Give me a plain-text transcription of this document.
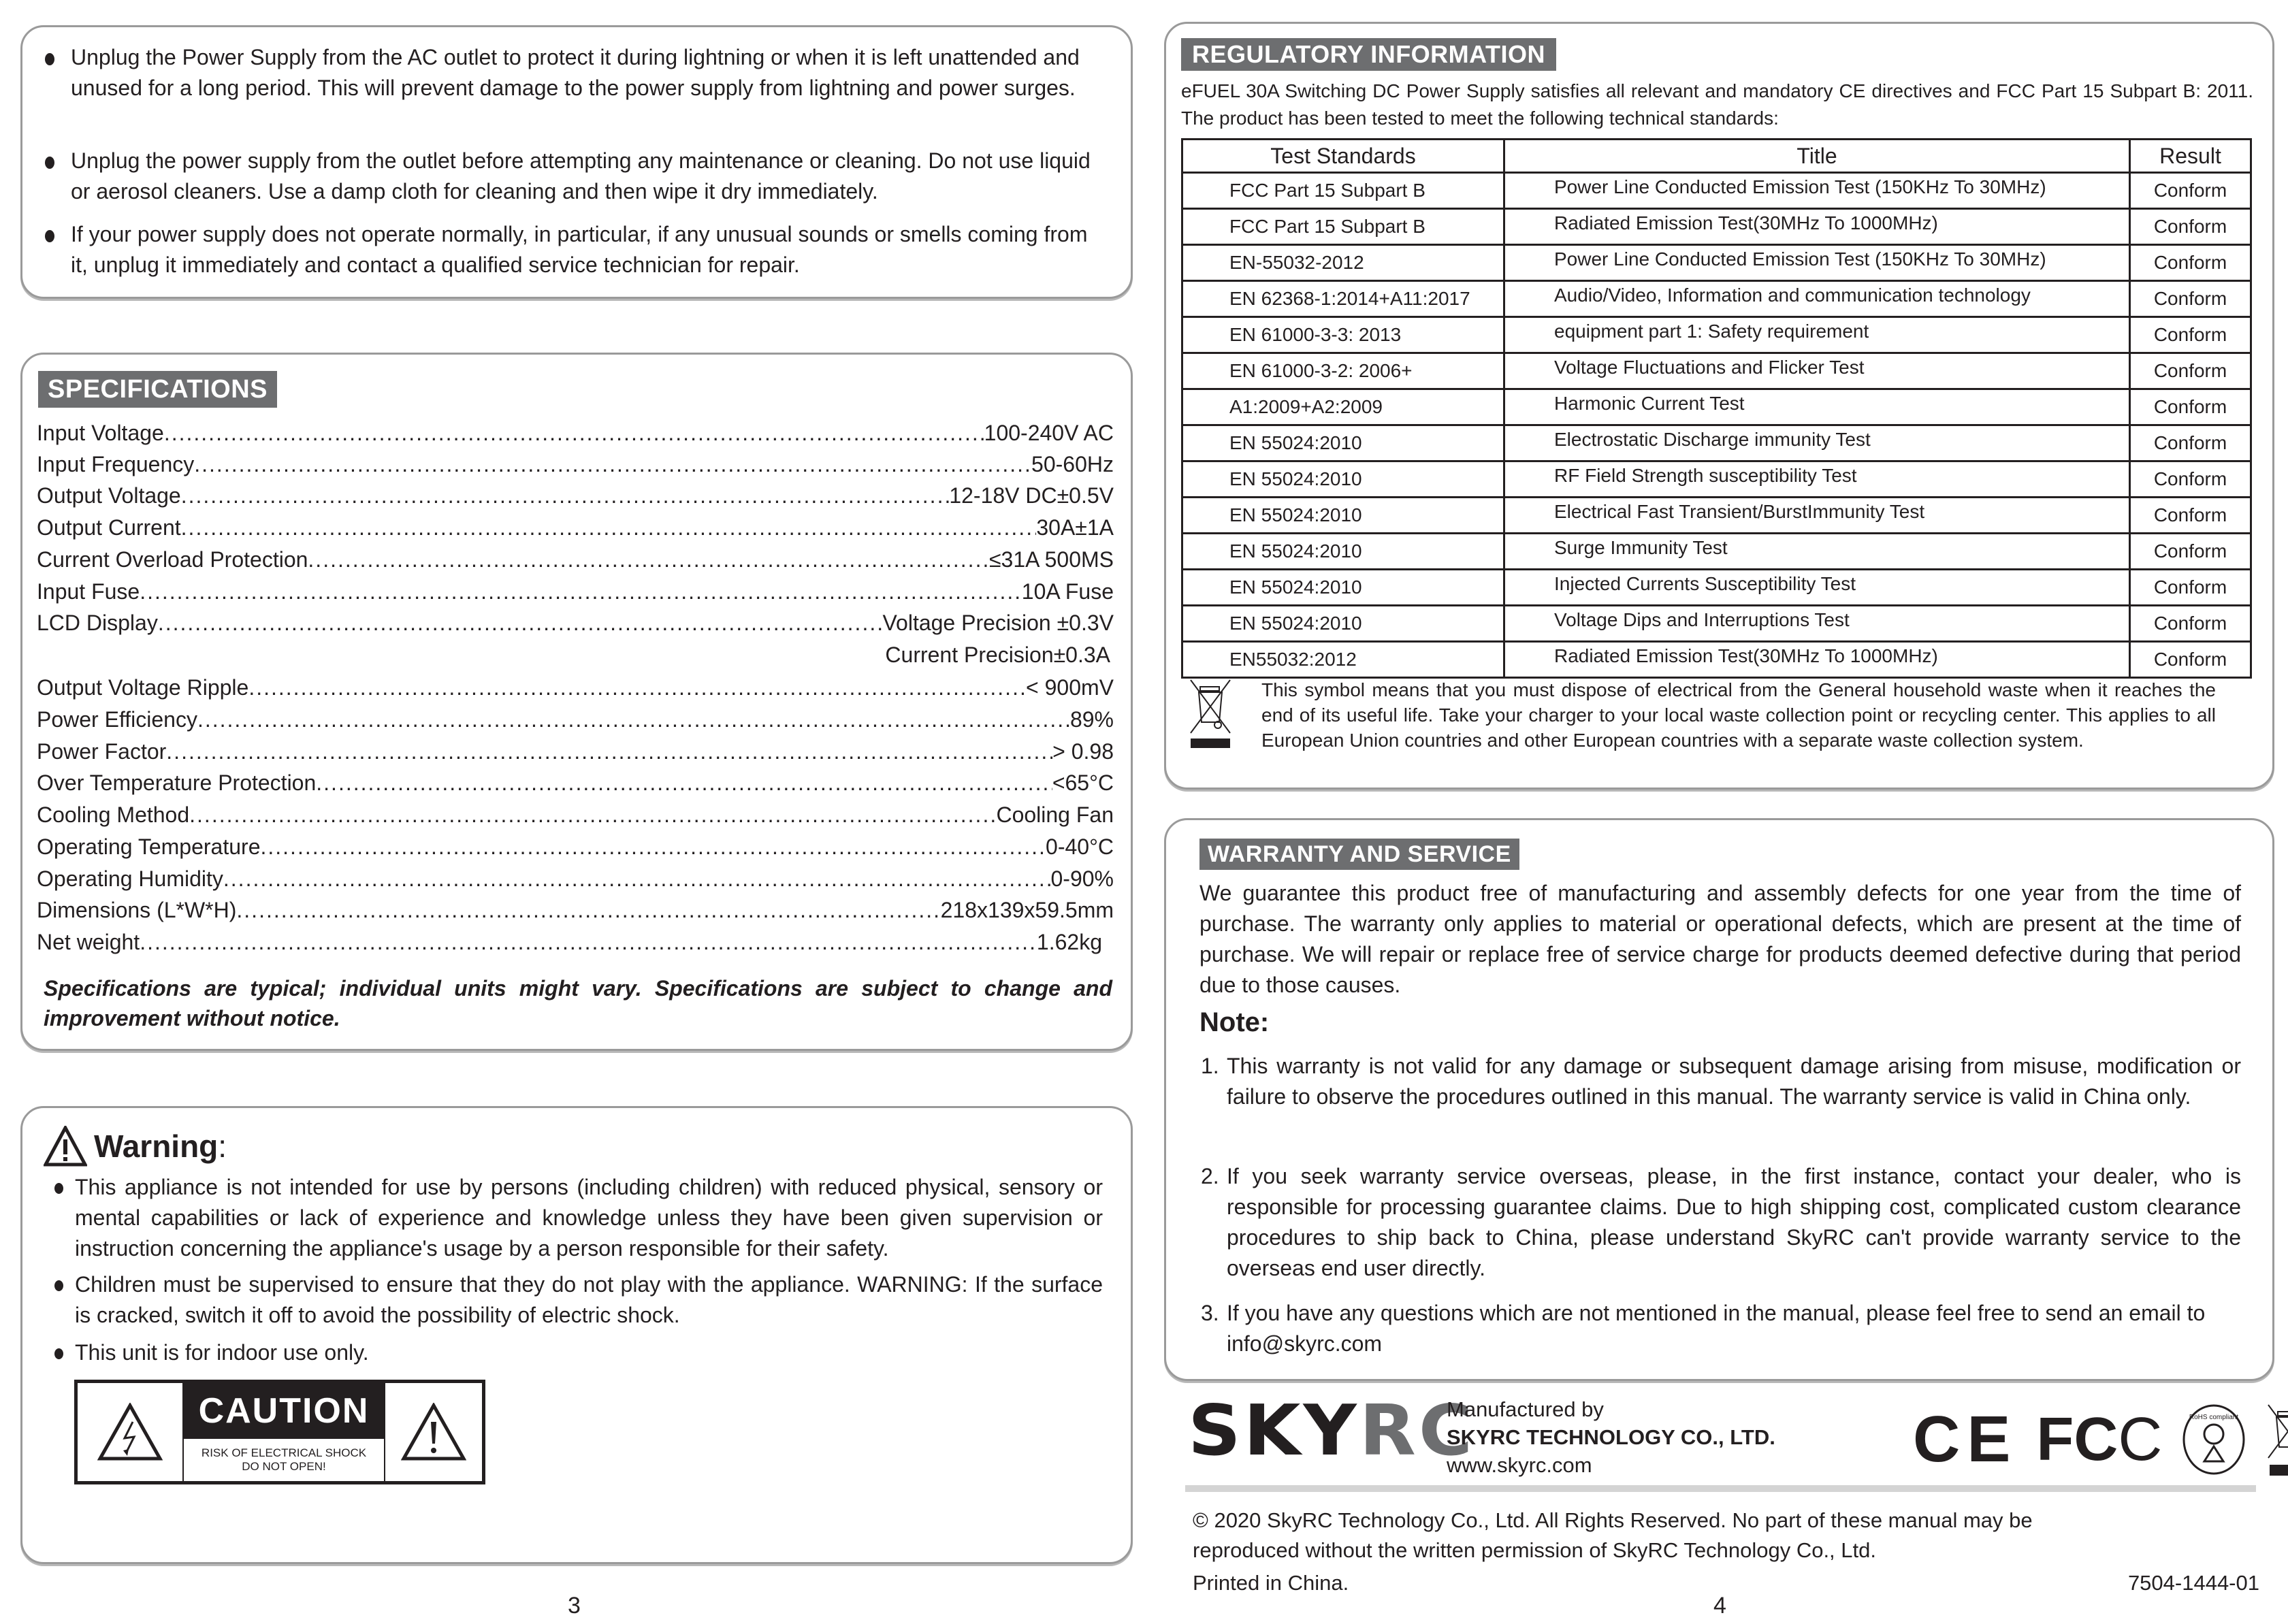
Unplug the Power Supply from the AC outlet to protect it during lightning or when it is left unattended and unused for a long period. This will prevent damage to the power supply from lightning and power surges.
Unplug the power supply from the outlet before attempting any maintenance or cleaning. Do not use liquid or aerosol cleaners. Use a damp cloth for cleaning and then wipe it dry immediately.
If your power supply does not operate normally, in particular, if any unusual sounds or smells coming from it, unplug it immediately and contact a qualified service technician for repair.
SPECIFICATIONS
Input Voltage .....	100-240V AC
Input Frequency .....	50-60Hz
Output Voltage .....	12-18V DC±0.5V
Output Current .....	30A±1A
Current Overload Protection .....	≤31A 500MS
Input Fuse .....	10A Fuse
LCD Display .....	Voltage Precision ±0.3V
Current Precision±0.3A
Output Voltage Ripple .....	< 900mV
Power Efficiency .....	89%
Power Factor .....	> 0.98
Over Temperature Protection .....	<65°C
Cooling Method .....	Cooling Fan
Operating Temperature .....	0-40°C
Operating Humidity .....	0-90%
Dimensions (L*W*H) .....	218x139x59.5mm
Net weight .....	1.62kg
Specifications are typical; individual units might vary. Specifications are subject to change and improvement without notice.
Warning :
This appliance is not intended for use by persons (including children) with reduced physical, sensory or mental capabilities or lack of experience and knowledge unless they have been given supervision or instruction concerning the appliance's usage by a person responsible for their safety.
Children must be supervised to ensure that they do not play with the appliance. WARNING: If the surface is cracked, switch it off to avoid the possibility of electric shock.
This unit is for indoor use only.
CAUTION
RISK OF ELECTRICAL SHOCK
DO NOT OPEN!
3
REGULATORY INFORMATION
eFUEL 30A Switching DC Power Supply satisfies all relevant and mandatory CE directives and FCC Part 15 Subpart B: 2011. The product has been tested to meet the following technical standards:
Test Standards	Title	Result
FCC Part 15 Subpart B	Power Line Conducted Emission Test (150KHz To 30MHz)	Conform
FCC Part 15 Subpart B	Radiated Emission Test(30MHz To 1000MHz)	Conform
EN-55032-2012	Power Line Conducted Emission Test (150KHz To 30MHz)	Conform
EN 62368-1:2014+A11:2017	Audio/Video, Information and communication technology	Conform
EN 61000-3-3: 2013	equipment part 1: Safety requirement	Conform
EN 61000-3-2: 2006+	Voltage Fluctuations and Flicker Test	Conform
A1:2009+A2:2009	Harmonic Current Test	Conform
EN 55024:2010	Electrostatic Discharge immunity Test	Conform
EN 55024:2010	RF Field Strength susceptibility Test	Conform
EN 55024:2010	Electrical Fast Transient/BurstImmunity Test	Conform
EN 55024:2010	Surge Immunity Test	Conform
EN 55024:2010	Injected Currents Susceptibility Test	Conform
EN 55024:2010	Voltage Dips and Interruptions Test	Conform
EN55032:2012	Radiated Emission Test(30MHz To 1000MHz)	Conform
This symbol means that you must dispose of electrical from the General household waste when it reaches the end of its useful life. Take your charger to your local waste collection point or recycling center. This applies to all European Union countries and other European countries with a separate waste collection system.
WARRANTY AND SERVICE
We guarantee this product free of manufacturing and assembly defects for one year from the time of purchase. The warranty only applies to material or operational defects, which are present at the time of purchase. We will repair or replace free of service charge for products deemed defective during that period due to those causes.
Note:
1. This warranty is not valid for any damage or subsequent damage arising from misuse, modification or failure to observe the procedures outlined in this manual. The warranty service is valid in China only.
2. If you seek warranty service overseas, please, in the first instance, contact your dealer, who is responsible for processing guarantee claims. Due to high shipping cost, complicated custom clearance procedures to ship back to China, please understand SkyRC can't provide warranty service to the overseas end user directly.
3. If you have any questions which are not mentioned in the manual, please feel free to send an email to info@skyrc.com
SKYRC
Manufactured by
SKYRC TECHNOLOGY CO., LTD.
www.skyrc.com	CE FCC	RoHS compliant
© 2020 SkyRC Technology Co., Ltd. All Rights Reserved. No part of these manual may be
reproduced without the written permission of SkyRC Technology Co., Ltd.
Printed in China.	7504-1444-01
4
